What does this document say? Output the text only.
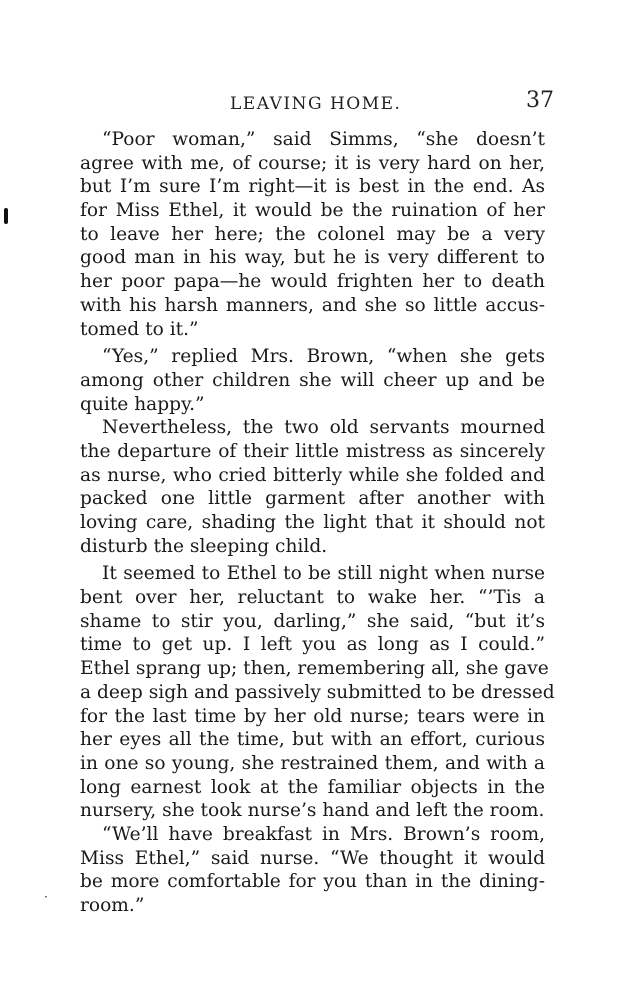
LEAVING HOME.	37
“Poor woman,” said Simms, “she doesn’t
agree with me, of course; it is very hard on her,
but I’m sure I’m right—it is best in the end. As
for Miss Ethel, it would be the ruination of her
to leave her here; the colonel may be a very
good man in his way, but he is very different to
her poor papa—he would frighten her to death
with his harsh manners, and she so little accus-
tomed to it.”
“Yes,” replied Mrs. Brown, “when she gets
among other children she will cheer up and be
quite happy.”
Nevertheless, the two old servants mourned
the departure of their little mistress as sincerely
as nurse, who cried bitterly while she folded and
packed one little garment after another with
loving care, shading the light that it should not
disturb the sleeping child.
It seemed to Ethel to be still night when nurse
bent over her, reluctant to wake her. “’Tis a
shame to stir you, darling,” she said, “but it’s
time to get up. I left you as long as I could.”
Ethel sprang up; then, remembering all, she gave
a deep sigh and passively submitted to be dressed
for the last time by her old nurse; tears were in
her eyes all the time, but with an effort, curious
in one so young, she restrained them, and with a
long earnest look at the familiar objects in the
nursery, she took nurse’s hand and left the room.
“We’ll have breakfast in Mrs. Brown’s room,
Miss Ethel,” said nurse. “We thought it would
be more comfortable for you than in the dining-
room.”
·
